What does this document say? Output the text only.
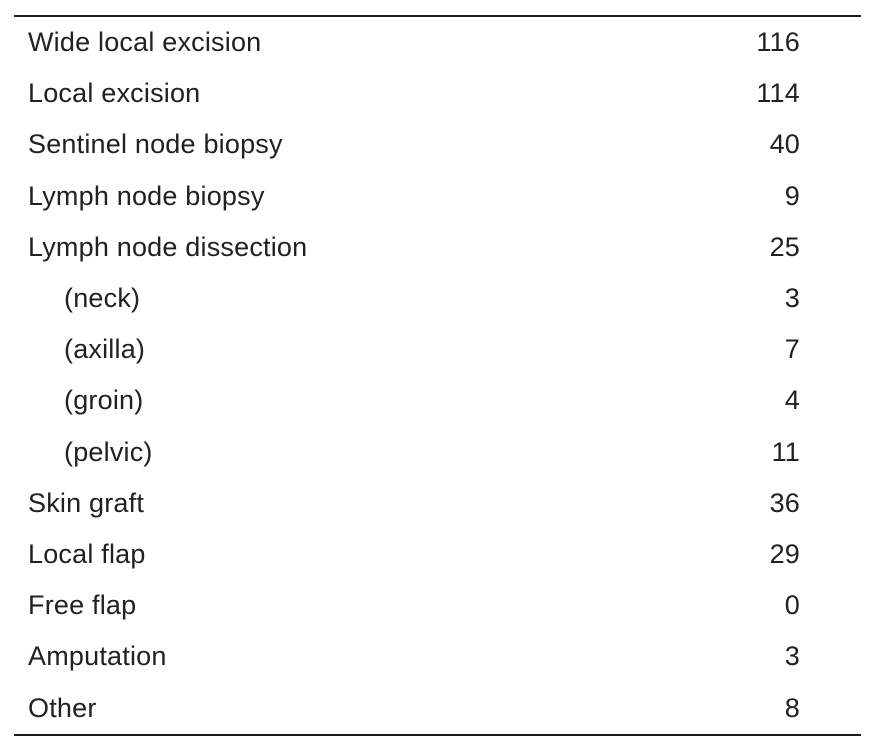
Wide local excision	116
Local excision	114
Sentinel node biopsy	40
Lymph node biopsy	9
Lymph node dissection	25
(neck)	3
(axilla)	7
(groin)	4
(pelvic)	11
Skin graft	36
Local flap	29
Free flap	0
Amputation	3
Other	8
